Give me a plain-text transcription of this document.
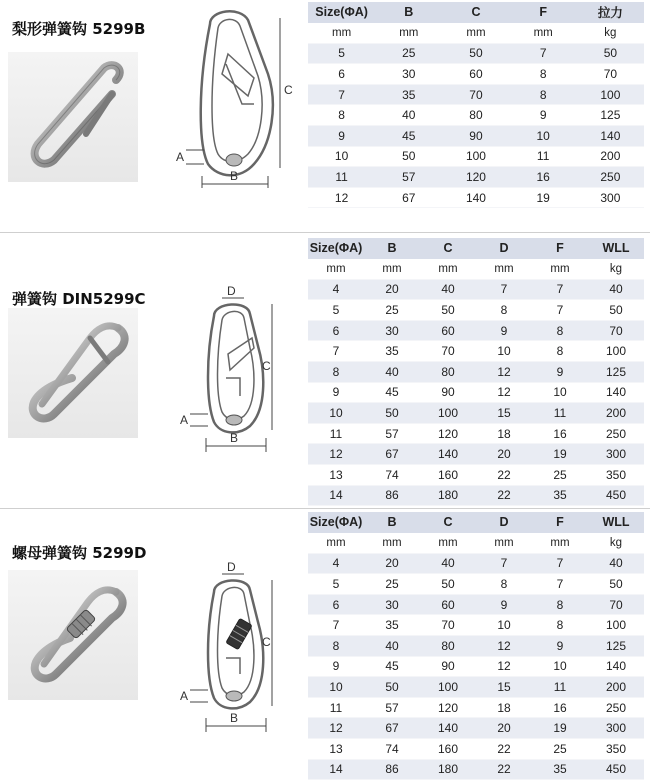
梨形弹簧钩 5299B
A
B
C
Size(ΦA)	B	C	F	拉力
mm	mm	mm	mm	kg
5	25	50	7	50
6	30	60	8	70
7	35	70	8	100
8	40	80	9	125
9	45	90	10	140
10	50	100	11	200
11	57	120	16	250
12	67	140	19	300
弹簧钩 DIN5299C	D
A
B
C
Size(ΦA)	B	C	D	F	WLL
mm	mm	mm	mm	mm	kg
4	20	40	7	7	40
5	25	50	8	7	50
6	30	60	9	8	70
7	35	70	10	8	100
8	40	80	12	9	125
9	45	90	12	10	140
10	50	100	15	11	200
11	57	120	18	16	250
12	67	140	20	19	300
13	74	160	22	25	350
14	86	180	22	35	450
螺母弹簧钩 5299D
D
A
B
C
Size(ΦA)	B	C	D	F	WLL
mm	mm	mm	mm	mm	kg
4	20	40	7	7	40
5	25	50	8	7	50
6	30	60	9	8	70
7	35	70	10	8	100
8	40	80	12	9	125
9	45	90	12	10	140
10	50	100	15	11	200
11	57	120	18	16	250
12	67	140	20	19	300
13	74	160	22	25	350
14	86	180	22	35	450
